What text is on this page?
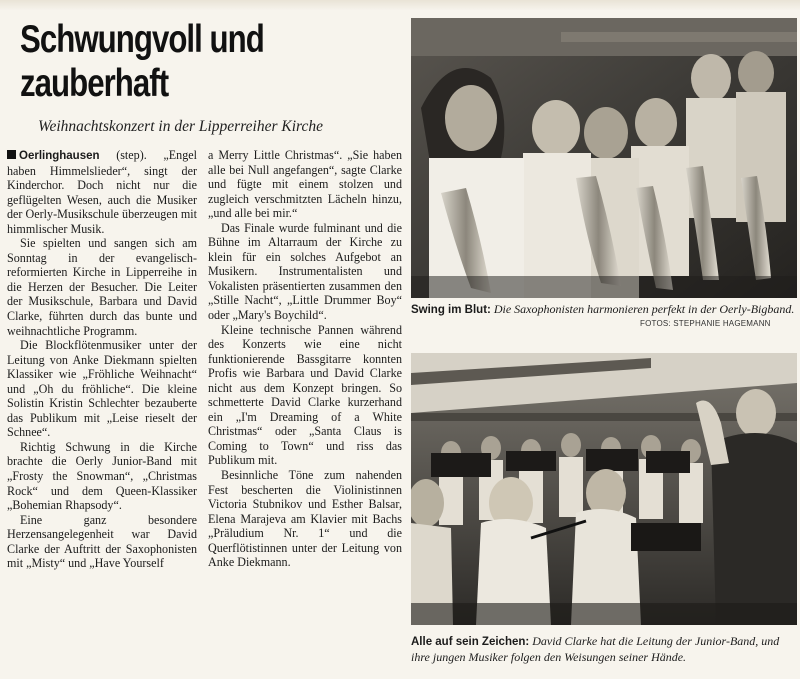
Schwungvoll und
zauberhaft
Weihnachtskonzert in der Lipperreiher Kirche

Oerlinghausen (step). „Engel haben Himmelslieder“, singt der Kinderchor. Doch nicht nur die geflügelten Wesen, auch die Musiker der Oerly-Musikschule überzeugen mit himmlischer Musik.

Sie spielten und sangen sich am Sonntag in der evangelisch-reformierten Kirche in Lipperreihe in die Herzen der Besucher. Die Leiter der Musikschule, Barbara und David Clarke, führten durch das bunte und weihnachtliche Programm.

Die Blockflötenmusiker unter der Leitung von Anke Diekmann spielten Klassiker wie „Fröhliche Weihnacht“ und „Oh du fröhliche“. Die kleine Solistin Kristin Schlechter bezauberte das Publikum mit „Leise rieselt der Schnee“.

Richtig Schwung in die Kirche brachte die Oerly Junior-Band mit „Frosty the Snowman“, „Christmas Rock“ und dem Queen-Klassiker „Bohemian Rhapsody“.

Eine ganz besondere Herzensangelegenheit war David Clarke der Auftritt der Saxophonisten mit „Misty“ und „Have Yourself

a Merry Little Christmas“. „Sie haben alle bei Null angefangen“, sagte Clarke und fügte mit einem stolzen und zugleich verschmitzten Lächeln hinzu, „und alle bei mir.“

Das Finale wurde fulminant und die Bühne im Altarraum der Kirche zu klein für ein solches Aufgebot an Musikern. Instrumentalisten und Vokalisten präsentierten zusammen den „Stille Nacht“, „Little Drummer Boy“ oder „Mary's Boychild“.

Kleine technische Pannen während des Konzerts wie eine nicht funktionierende Bassgitarre konnten Profis wie Barbara und David Clarke nicht aus dem Konzept bringen. So schmetterte David Clarke kurzerhand ein „I'm Dreaming of a White Christmas“ oder „Santa Claus is Coming to Town“ und riss das Publikum mit.

Besinnliche Töne zum nahenden Fest bescherten die Violinistinnen Victoria Stubnikov und Esther Balsar, Elena Marajeva am Klavier mit Bachs „Präludium Nr. 1“ und die Querflötistinnen unter der Leitung von Anke Diekmann.

Swing im Blut: Die Saxophonisten harmonieren perfekt in der Oerly-Bigband.
FOTOS: STEPHANIE HAGEMANN
Alle auf sein Zeichen: David Clarke hat die Leitung der Junior-Band, und ihre jungen Musiker folgen den Weisungen seiner Hände.
